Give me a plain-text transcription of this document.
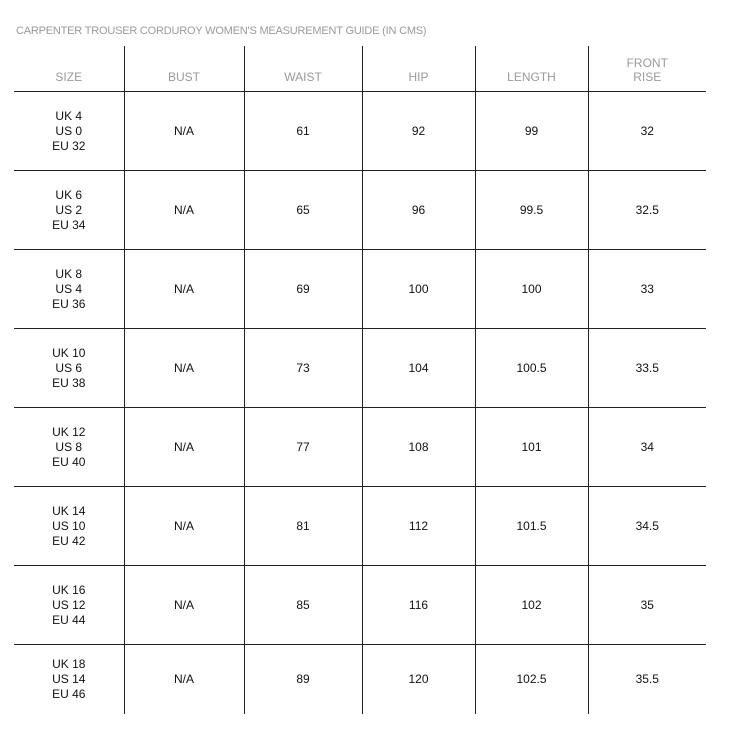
CARPENTER TROUSER CORDUROY WOMEN'S MEASUREMENT GUIDE (IN CMS)
SIZE	BUST	WAIST	HIP	LENGTH	FRONT RISE

UK 4
US 0
EU 32	N/A	61	92	99	32

UK 6
US 2
EU 34	N/A	65	96	99.5	32.5

UK 8
US 4
EU 36	N/A	69	100	100	33

UK 10
US 6
EU 38	N/A	73	104	100.5	33.5

UK 12
US 8
EU 40	N/A	77	108	101	34

UK 14
US 10
EU 42	N/A	81	112	101.5	34.5

UK 16
US 12
EU 44	N/A	85	116	102	35

UK 18
US 14
EU 46	N/A	89	120	102.5	35.5
